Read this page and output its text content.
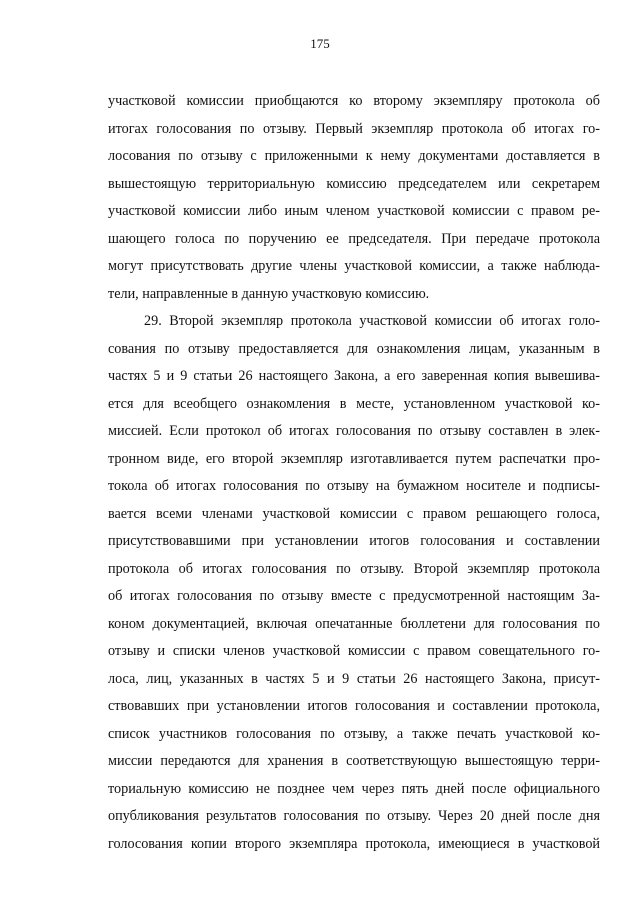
175
участковой комиссии приобщаются ко второму экземпляру протокола об
итогах голосования по отзыву. Первый экземпляр протокола об итогах го-
лосования по отзыву с приложенными к нему документами доставляется в
вышестоящую территориальную комиссию председателем или секретарем
участковой комиссии либо иным членом участковой комиссии с правом ре-
шающего голоса по поручению ее председателя. При передаче протокола
могут присутствовать другие члены участковой комиссии, а также наблюда-
тели, направленные в данную участковую комиссию.
29. Второй экземпляр протокола участковой комиссии об итогах голо-
сования по отзыву предоставляется для ознакомления лицам, указанным в
частях 5 и 9 статьи 26 настоящего Закона, а его заверенная копия вывешива-
ется для всеобщего ознакомления в месте, установленном участковой ко-
миссией. Если протокол об итогах голосования по отзыву составлен в элек-
тронном виде, его второй экземпляр изготавливается путем распечатки про-
токола об итогах голосования по отзыву на бумажном носителе и подписы-
вается всеми членами участковой комиссии с правом решающего голоса,
присутствовавшими при установлении итогов голосования и составлении
протокола об итогах голосования по отзыву. Второй экземпляр протокола
об итогах голосования по отзыву вместе с предусмотренной настоящим За-
коном документацией, включая опечатанные бюллетени для голосования по
отзыву и списки членов участковой комиссии с правом совещательного го-
лоса, лиц, указанных в частях 5 и 9 статьи 26 настоящего Закона, присут-
ствовавших при установлении итогов голосования и составлении протокола,
список участников голосования по отзыву, а также печать участковой ко-
миссии передаются для хранения в соответствующую вышестоящую терри-
ториальную комиссию не позднее чем через пять дней после официального
опубликования результатов голосования по отзыву. Через 20 дней после дня
голосования копии второго экземпляра протокола, имеющиеся в участковой
